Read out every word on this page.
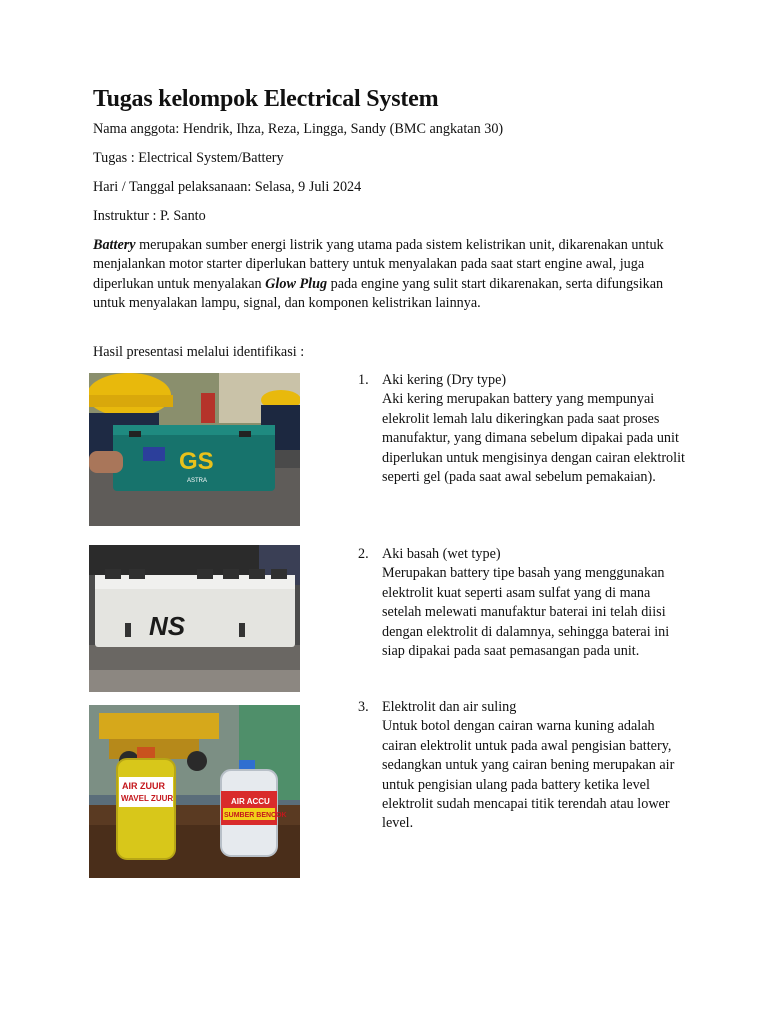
Tugas kelompok Electrical System

Nama anggota: Hendrik, Ihza, Reza, Lingga, Sandy (BMC angkatan 30)

Tugas : Electrical System/Battery

Hari / Tanggal pelaksanaan: Selasa, 9 Juli 2024

Instruktur : P. Santo

Battery merupakan sumber energi listrik yang utama pada sistem kelistrikan unit, dikarenakan untuk menjalankan motor starter diperlukan battery untuk menyalakan pada saat start engine awal, juga diperlukan untuk menyalakan Glow Plug pada engine yang sulit start dikarenakan, serta difungsikan untuk menyalakan lampu, signal, dan komponen kelistrikan lainnya.

Hasil presentasi melalui identifikasi :

GS
ASTRA
NS
AIR ZUUR
WAVEL ZUUR	AIR ACCU
SUMBER BENCOK
1. Aki kering (Dry type)
Aki kering merupakan battery yang mempunyai elekrolit lemah lalu dikeringkan pada saat proses manufaktur, yang dimana sebelum dipakai pada unit diperlukan untuk mengisinya dengan cairan elektrolit seperti gel (pada saat awal sebelum pemakaian).
2. Aki basah (wet type)
Merupakan battery tipe basah yang menggunakan elektrolit kuat seperti asam sulfat yang di mana setelah melewati manufaktur baterai ini telah diisi dengan elektrolit di dalamnya, sehingga baterai ini siap dipakai pada saat pemasangan pada unit.
3. Elektrolit dan air suling
Untuk botol dengan cairan warna kuning adalah cairan elektrolit untuk pada awal pengisian battery, sedangkan untuk yang cairan bening merupakan air untuk pengisian ulang pada battery ketika level elektrolit sudah mencapai titik terendah atau lower level.
